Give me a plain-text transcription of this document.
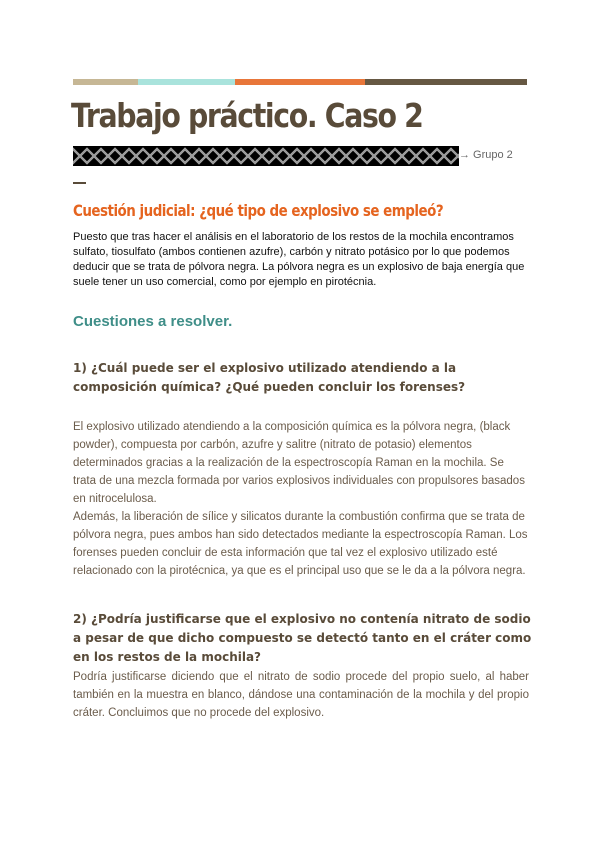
Trabajo práctico. Caso 2
→ Grupo 2
Cuestión judicial: ¿qué tipo de explosivo se empleó?

Puesto que tras hacer el análisis en el laboratorio de los restos de la mochila encontramos sulfato, tiosulfato (ambos contienen azufre), carbón y nitrato potásico por lo que podemos deducir que se trata de pólvora negra. La pólvora negra es un explosivo de baja energía que suele tener un uso comercial, como por ejemplo en pirotécnia.

Cuestiones a resolver.

1) ¿Cuál puede ser el explosivo utilizado atendiendo a la composición química? ¿Qué pueden concluir los forenses?

El explosivo utilizado atendiendo a la composición química es la pólvora negra, (black powder), compuesta por carbón, azufre y salitre (nitrato de potasio) elementos determinados gracias a la realización de la espectroscopía Raman en la mochila. Se trata de una mezcla formada por varios explosivos individuales con propulsores basados en nitrocelulosa.
Además, la liberación de sílice y silicatos durante la combustión confirma que se trata de pólvora negra, pues ambos han sido detectados mediante la espectroscopía Raman. Los forenses pueden concluir de esta información que tal vez el explosivo utilizado esté relacionado con la pirotécnica, ya que es el principal uso que se le da a la pólvora negra.

2) ¿Podría justificarse que el explosivo no contenía nitrato de sodio a pesar de que dicho compuesto se detectó tanto en el cráter como en los restos de la mochila?

Podría justificarse diciendo que el nitrato de sodio procede del propio suelo, al haber también en la muestra en blanco, dándose una contaminación de la mochila y del propio cráter. Concluimos que no procede del explosivo.
